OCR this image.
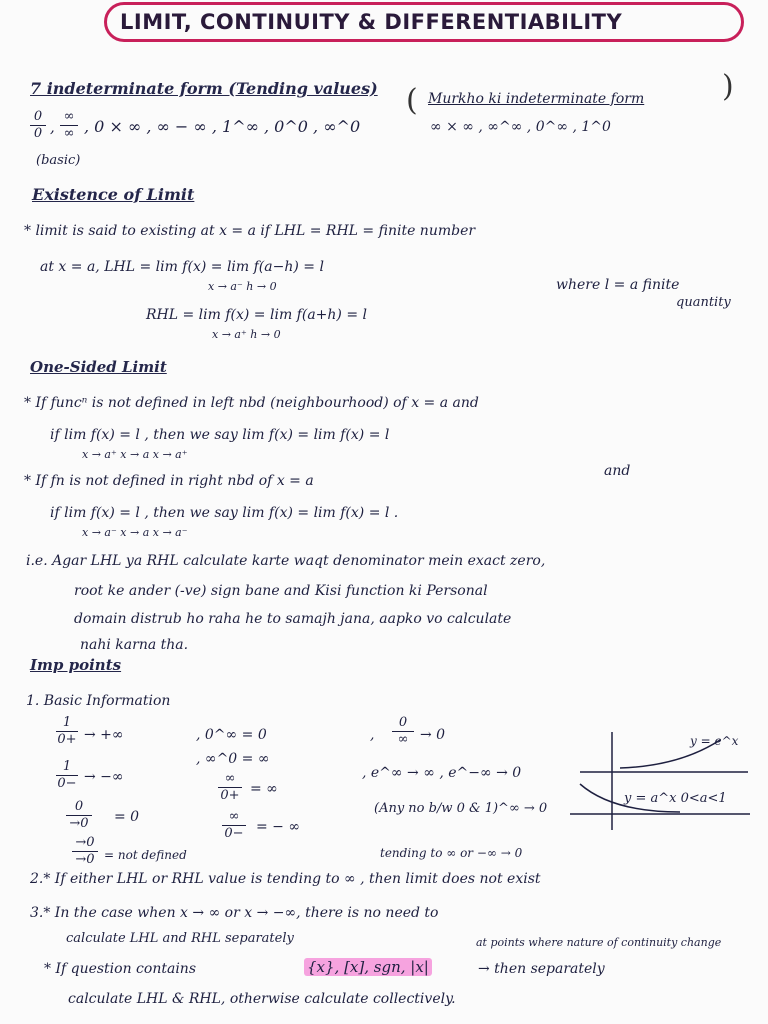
LIMIT, CONTINUITY & DIFFERENTIABILITY
7 indeterminate form (Tending values)
0
0 ,
∞
∞ , 0 × ∞ , ∞ − ∞ , 1^∞ , 0^0 , ∞^0
(basic)
( Murkho ki indeterminate form
∞ × ∞ , ∞^∞ , 0^∞ , 1^0
)
Existence of Limit
* limit is said to existing at x = a if LHL = RHL = finite number
at x = a, LHL = lim f(x) = lim f(a−h) = l
x → a⁻ h → 0
RHL = lim f(x) = lim f(a+h) = l
x → a⁺ h → 0
where l = a finite
quantity
One-Sided Limit
* If funcⁿ is not defined in left nbd (neighbourhood) of x = a and
if lim f(x) = l , then we say lim f(x) = lim f(x) = l
x → a⁺ x → a x → a⁺
* If fn is not defined in right nbd of x = a
and
if lim f(x) = l , then we say lim f(x) = lim f(x) = l .
x → a⁻ x → a x → a⁻
i.e. Agar LHL ya RHL calculate karte waqt denominator mein exact zero,
root ke ander (-ve) sign bane and Kisi function ki Personal
domain distrub ho raha he to samajh jana, aapko vo calculate
nahi karna tha.
Imp points
1. Basic Information
1
0+ → +∞
1
0− → −∞
0
→0 = 0
→0
→0 = not defined
, 0^∞ = 0
, ∞^0 = ∞
∞
0+ = ∞
∞
0− = − ∞
,
0
∞ → 0
, e^∞ → ∞ , e^−∞ → 0
(Any no b/w 0 & 1)^∞ → 0
tending to ∞ or −∞ → 0
y = e^x
y = a^x 0<a<1
2.* If either LHL or RHL value is tending to ∞ , then limit does not exist
3.* In the case when x → ∞ or x → −∞, there is no need to
calculate LHL and RHL separately	at points where nature of continuity change
* If question contains	{x}, [x], sgn, |x|	→ then separately
calculate LHL & RHL, otherwise calculate collectively.
